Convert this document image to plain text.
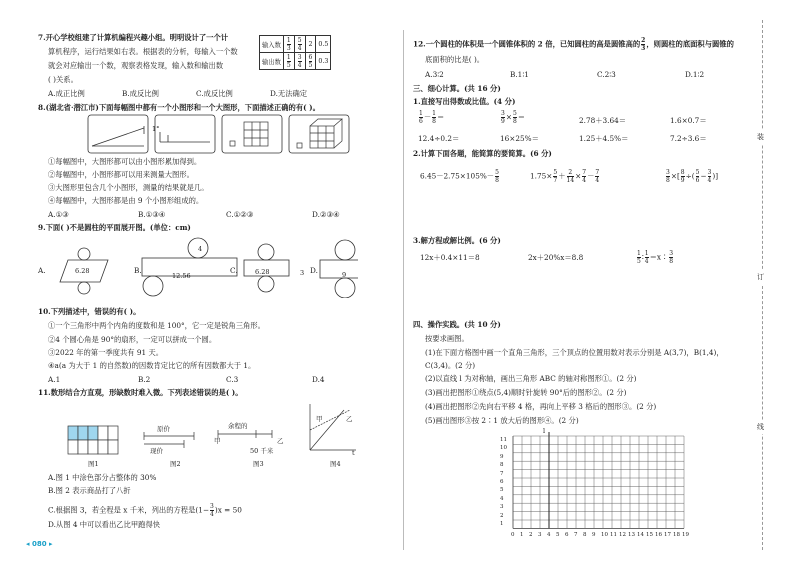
7.开心学校组建了计算机编程兴趣小组。明明设计了一个计
算机程序，运行结果如右表。根据表的分析，每输入一个数
就会对应输出一个数，观察表格发现，输入数和输出数
( )关系。
输入数	$\frac{1}{3}$	$\frac{5}{4}$	2	0.5
输出数	$\frac{1}{5}$	$\frac{3}{4}$	$\frac{6}{5}$	0.3
A.成正比例	B.成反比例	C.成反比例	D.无法确定
8.(湖北省·潜江市)下面每幅图中都有一个小图形和一个大图形，下面描述正确的有( )。
1°
①每幅图中，大图形都可以由小图形累加得到。
②每幅图中，小图形都可以用来测量大图形。
③大图形里包含几个小图形，测量的结果就是几。
④每幅图中，大图形都是由 9 个小图形组成的。
A.①③	B.①③④	C.①②③	D.②③④
9.下面( )不是圆柱的平面展开图。(单位：cm)
A.	6.28	B.
12.56
4
C.	6.28	3 D.	9
10.下列描述中，错误的有( )。
①一个三角形中两个内角的度数和是 100°，它一定是锐角三角形。
②4 个圆心角是 90°的扇形，一定可以拼成一个圆。
③2022 年的第一季度共有 91 天。
④a(a 为大于 1 的自然数)的因数肯定比它的所有因数都大于 1。
A.1	B.2	C.3	D.4
11.数形结合方直观，形缺数时难入微。下列表述错误的是( )。
原价
现价
余程的
甲	乙
50 千米
甲	乙
t
图1	图2	图3	图4
A.图 1 中涂色部分占整体的 30%
B.图 2 表示商品打了八折
C.根据图 3，若全程是 x 千米，列出的方程是$(1- \frac{3}{4} )x = 50$
D.从图 4 中可以看出乙比甲跑得快
◂ 080 ▸
12.一个圆柱的体积是一个圆锥体积的 2 倍，已知圆柱的高是圆锥高的 $\frac{2}{3}$ ，则圆柱的底面积与圆锥的
底面积的比是( )。
A.3∶2	B.1∶1	C.2∶3	D.1∶2
三、细心计算。(共 16 分)
1.直接写出得数或比值。(4 分)
$\frac{1}{6} - \frac{1}{8}$ ＝	$\frac{3}{9} \times \frac{5}{8}$ ＝	2.78＋3.64＝	1.6×0.7＝
12.4÷0.2＝	16×25%＝	1.25＋4.5%＝	7.2÷3.6＝
2.计算下面各题，能简算的要简算。(6 分)
$6.45-2.75\times 105\%- \frac{5}{8}$	$1.75\times \frac{5}{7} + \frac{2}{14} \times \frac{7}{4} - \frac{7}{4}$	$\frac{3}{8}$ ×[ $\frac{8}{9}$ ÷( $\frac{5}{6} - \frac{3}{4}$ )]
3.解方程或解比例。(6 分)
12x＋0.4×11＝8	2x＋20%x＝8.8	$\frac{1}{5}$ ∶ $\frac{1}{4}$ ＝x∶ $\frac{3}{8}$
四、操作实践。(共 10 分)
按要求画图。
(1)在下面方格图中画一个直角三角形，三个顶点的位置用数对表示分别是 A(3,7)，B(1,4)，
C(3,4)。(2 分)
(2)以直线 l 为对称轴，画出三角形 ABC 的轴对称图形①。(2 分)
(3)画出把图形①绕点(5,4)顺时针旋转 90°后的图形②。(2 分)
(4)画出把图形②先向右平移 4 格，再向上平移 3 格后的图形③。(2 分)
(5)画出图形③按 2∶1 放大后的图形④。(2 分)
l
装
订
线
11
10
9
8
7
6
5
4
3
2
1
0 1 2 3 4 5 6 7 8 9 10 11 12 13 14 15 16 17 18 19
